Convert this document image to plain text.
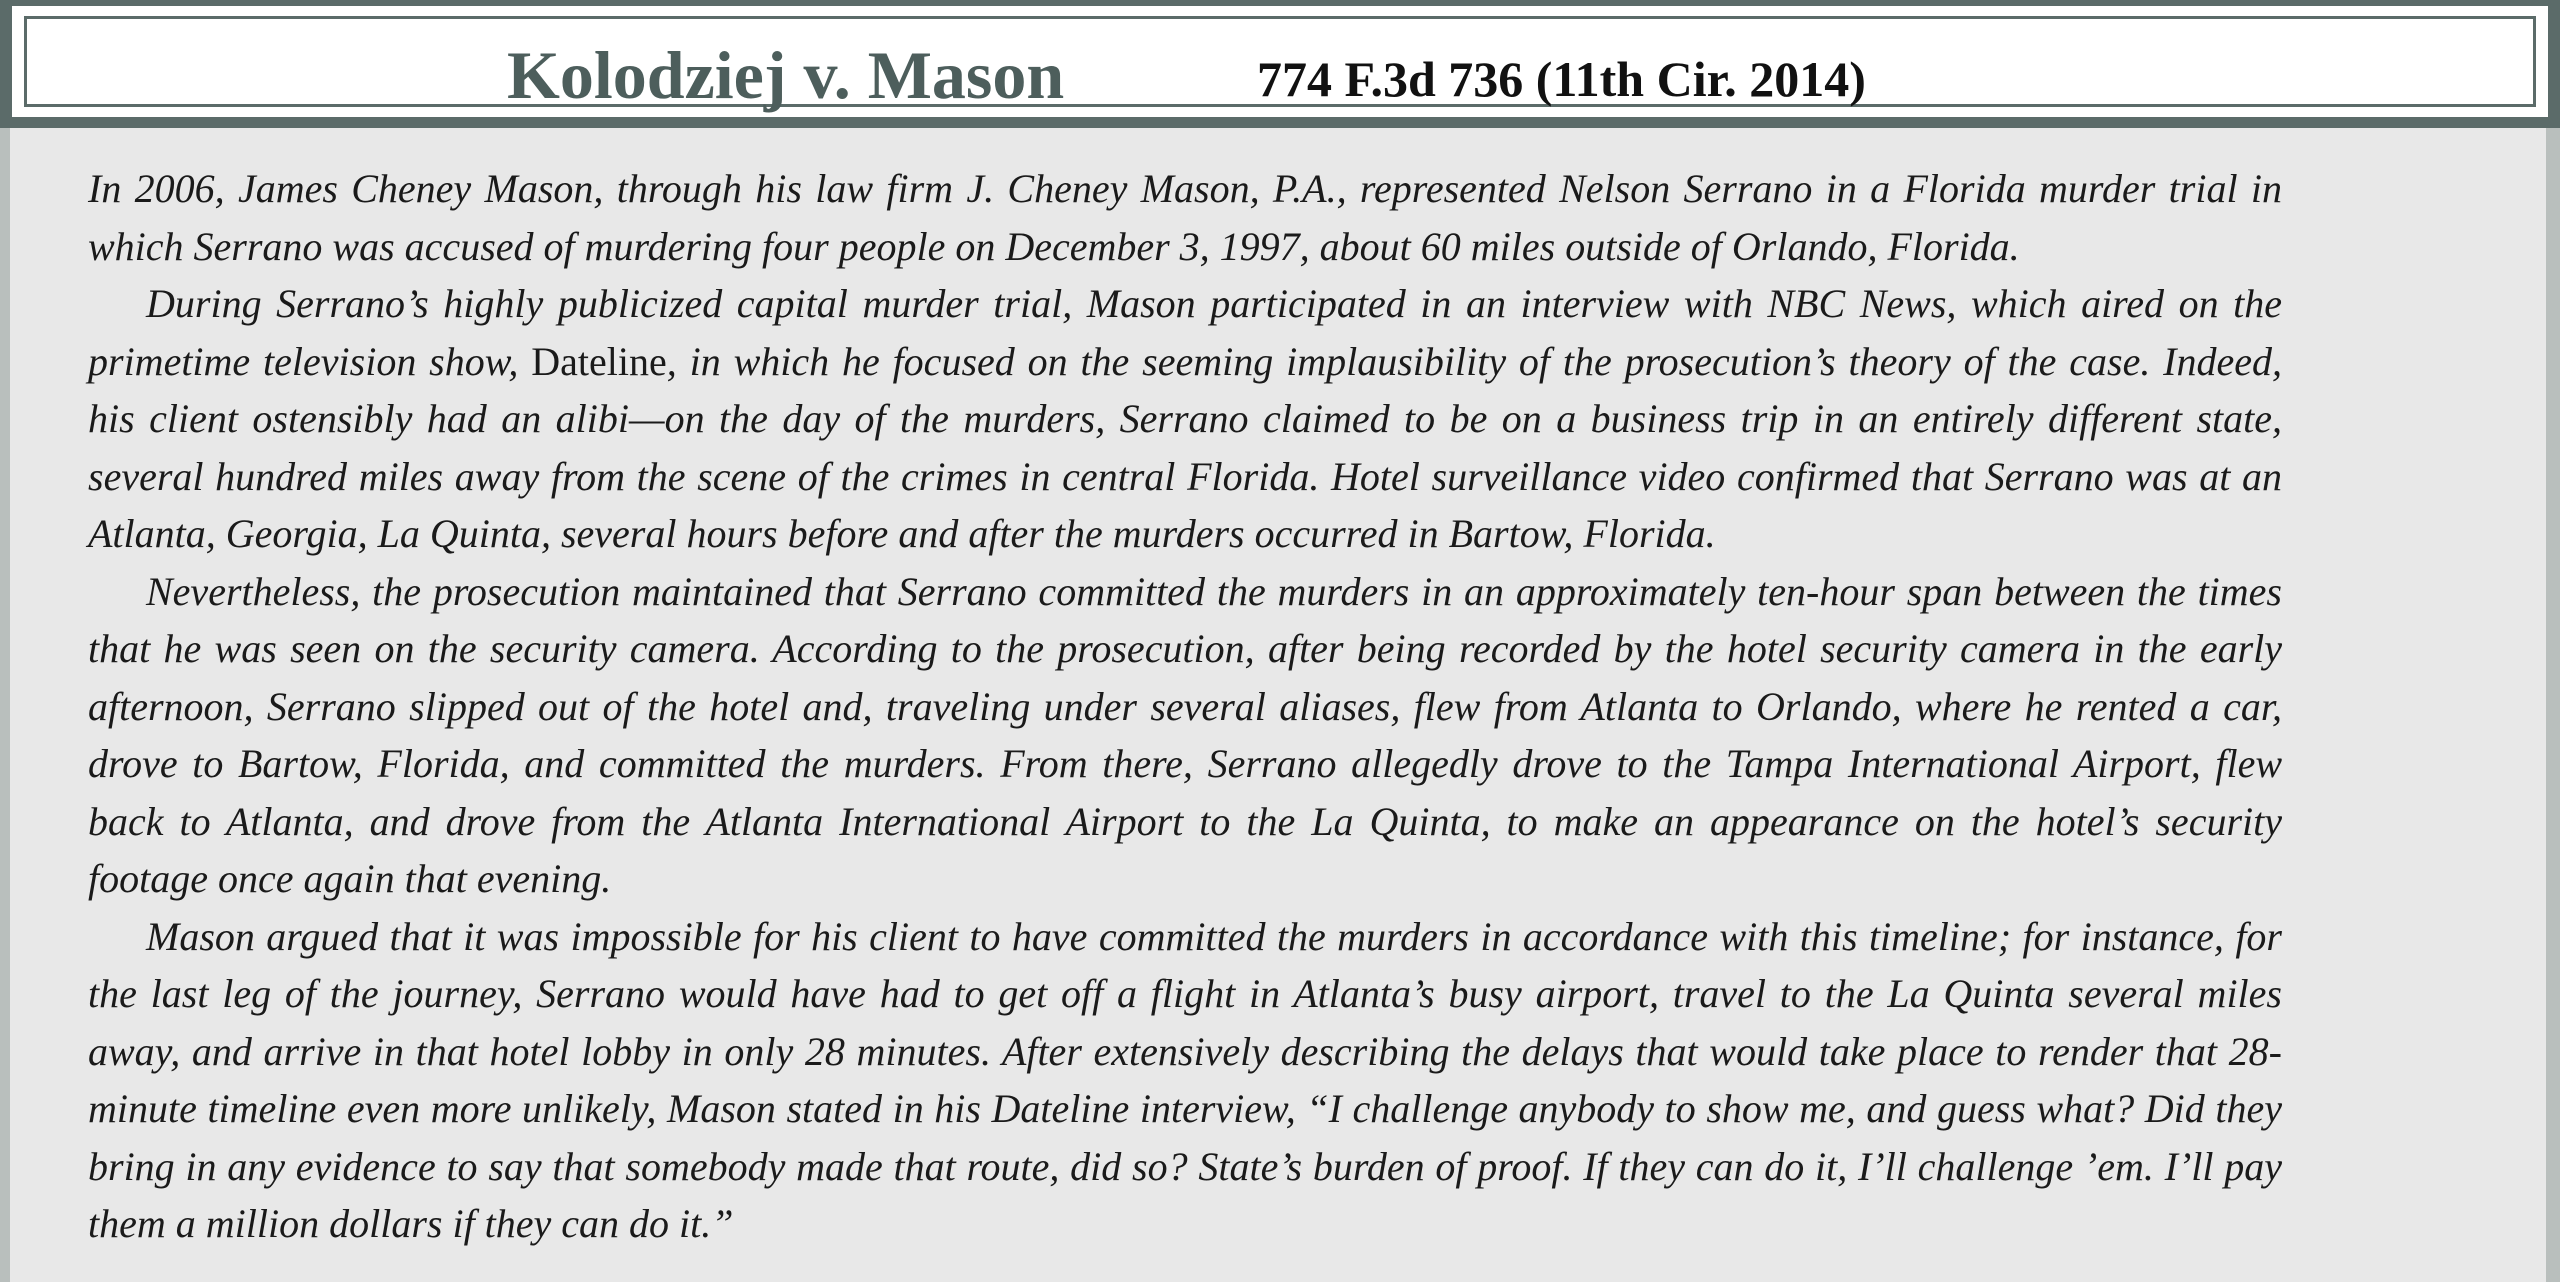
Kolodziej v. Mason	774 F.3d 736 (11th Cir. 2014)

In 2006, James Cheney Mason, through his law firm J. Cheney Mason, P.A., represented Nelson Serrano in a Florida murder trial in which Serrano was accused of murdering four people on December 3, 1997, about 60 miles outside of Orlando, Florida.

During Serrano’s highly publicized capital murder trial, Mason participated in an interview with NBC News, which aired on the primetime television show, Dateline, in which he focused on the seeming implausibility of the prosecution’s theory of the case. Indeed, his client ostensibly had an alibi—on the day of the murders, Serrano claimed to be on a business trip in an entirely different state, several hundred miles away from the scene of the crimes in central Florida. Hotel surveillance video confirmed that Serrano was at an Atlanta, Georgia, La Quinta, several hours before and after the murders occurred in Bartow, Florida.

Nevertheless, the prosecution maintained that Serrano committed the murders in an approximately ten-hour span between the times that he was seen on the security camera. According to the prosecution, after being recorded by the hotel security camera in the early afternoon, Serrano slipped out of the hotel and, traveling under several aliases, flew from Atlanta to Orlando, where he rented a car, drove to Bartow, Florida, and committed the murders. From there, Serrano allegedly drove to the Tampa International Airport, flew back to Atlanta, and drove from the Atlanta International Airport to the La Quinta, to make an appearance on the hotel’s security footage once again that evening.

Mason argued that it was impossible for his client to have committed the murders in accordance with this timeline; for instance, for the last leg of the journey, Serrano would have had to get off a flight in Atlanta’s busy airport, travel to the La Quinta several miles away, and arrive in that hotel lobby in only 28 minutes. After extensively describing the delays that would take place to render that 28-minute timeline even more unlikely, Mason stated in his Dateline interview, “I challenge anybody to show me, and guess what? Did they bring in any evidence to say that somebody made that route, did so? State’s burden of proof. If they can do it, I’ll challenge ’em. I’ll pay them a million dollars if they can do it.”
